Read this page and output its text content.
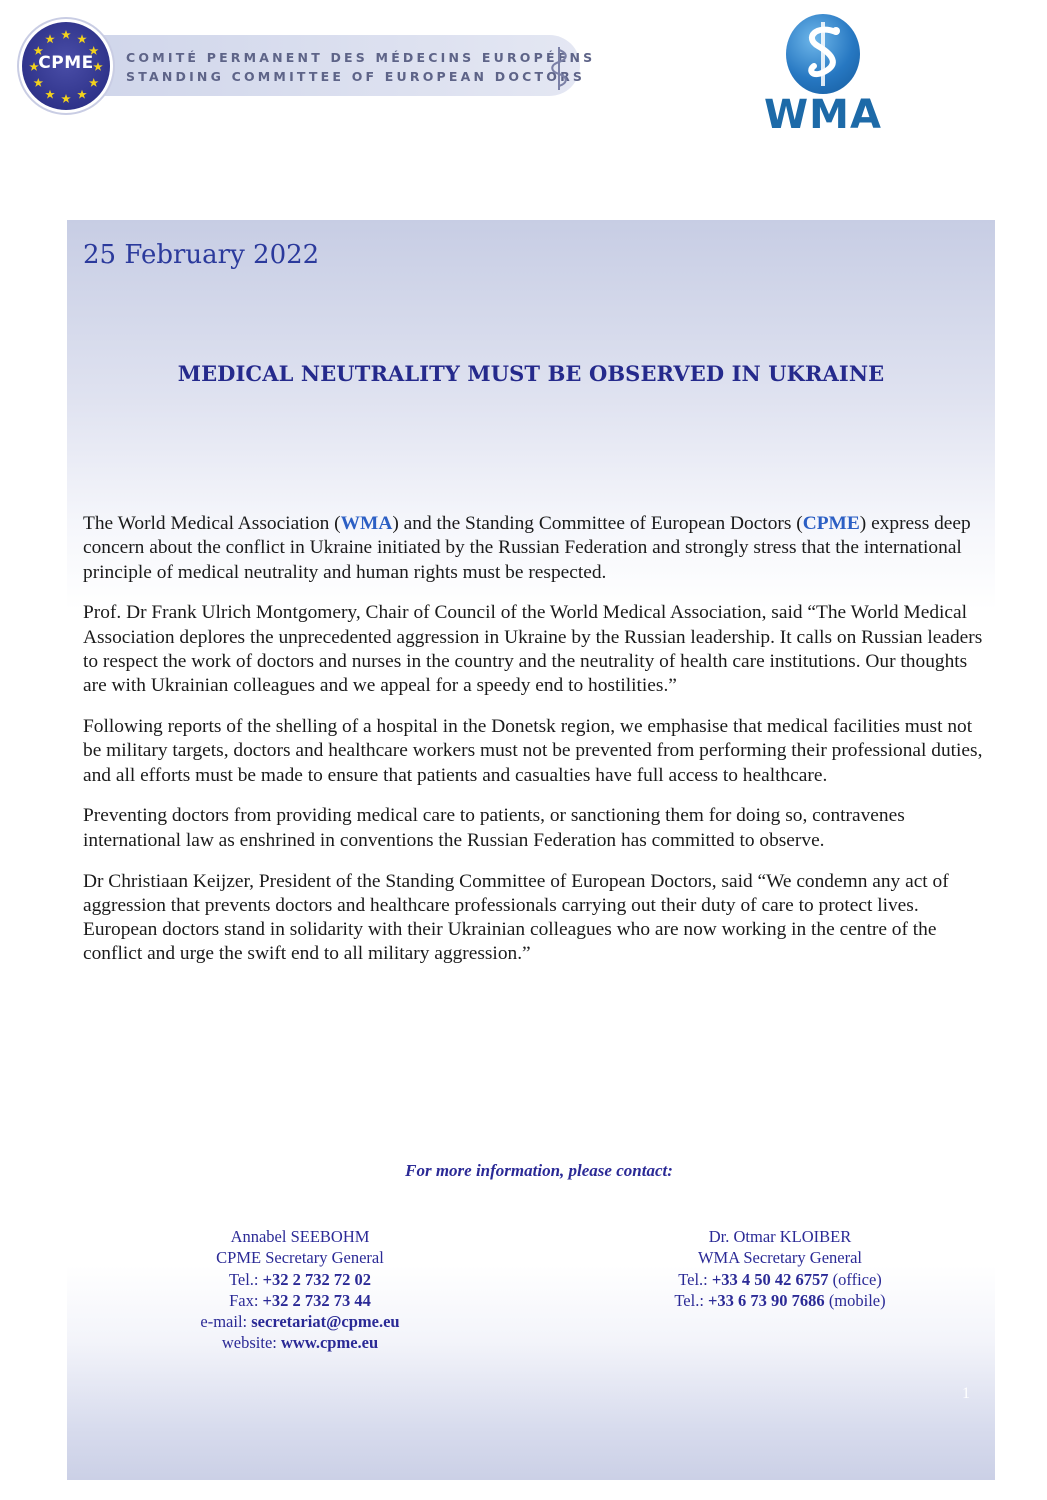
CPME	COMITÉ PERMANENT DES MÉDECINS EUROPÉENS
STANDING COMMITTEE OF EUROPEAN DOCTORS
WMA
25 February 2022
MEDICAL NEUTRALITY MUST BE OBSERVED IN UKRAINE

The World Medical Association (WMA) and the Standing Committee of European Doctors (CPME) express deep concern about the conflict in Ukraine initiated by the Russian Federation and strongly stress that the international principle of medical neutrality and human rights must be respected.

Prof. Dr Frank Ulrich Montgomery, Chair of Council of the World Medical Association, said “The World Medical Association deplores the unprecedented aggression in Ukraine by the Russian leadership. It calls on Russian leaders to respect the work of doctors and nurses in the country and the neutrality of health care institutions. Our thoughts are with Ukrainian colleagues and we appeal for a speedy end to hostilities.”

Following reports of the shelling of a hospital in the Donetsk region, we emphasise that medical facilities must not be military targets, doctors and healthcare workers must not be prevented from performing their professional duties, and all efforts must be made to ensure that patients and casualties have full access to healthcare.

Preventing doctors from providing medical care to patients, or sanctioning them for doing so, contravenes international law as enshrined in conventions the Russian Federation has committed to observe.

Dr Christiaan Keijzer, President of the Standing Committee of European Doctors, said “We condemn any act of aggression that prevents doctors and healthcare professionals carrying out their duty of care to protect lives. European doctors stand in solidarity with their Ukrainian colleagues who are now working in the centre of the conflict and urge the swift end to all military aggression.”

For more information, please contact:
Annabel SEEBOHM
CPME Secretary General
Tel.: +32 2 732 72 02
Fax: +32 2 732 73 44
e-mail: secretariat@cpme.eu
website: www.cpme.eu
Dr. Otmar KLOIBER
WMA Secretary General
Tel.: +33 4 50 42 6757 (office)
Tel.: +33 6 73 90 7686 (mobile)
1
